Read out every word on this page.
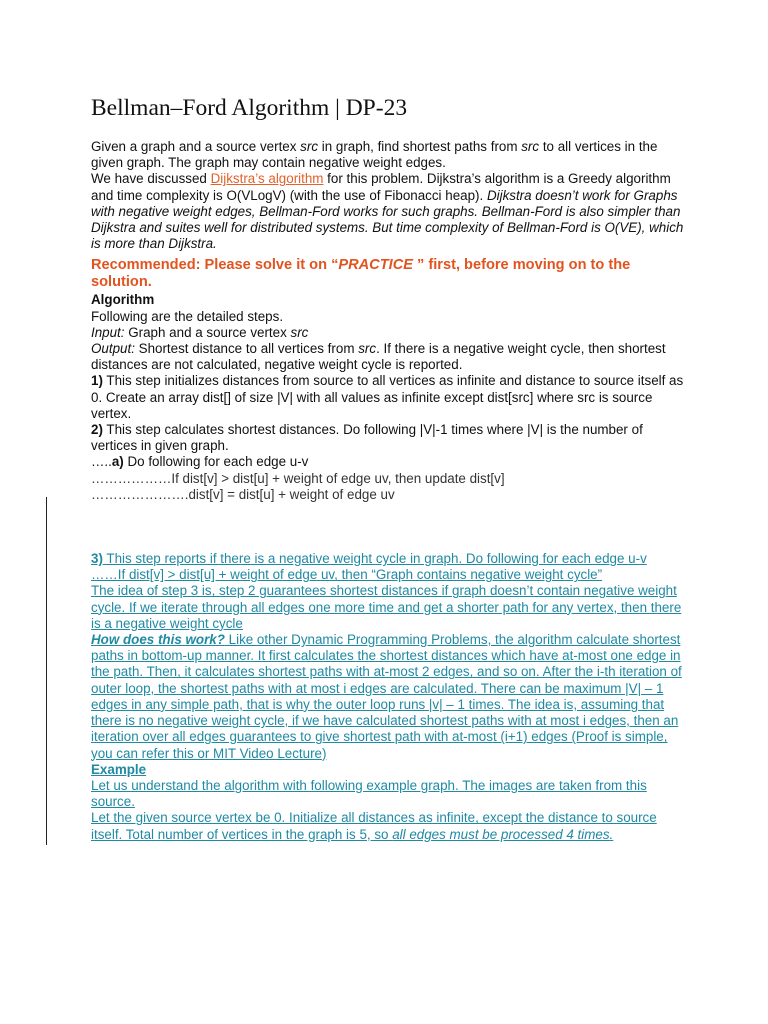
Bellman–Ford Algorithm | DP-23

Given a graph and a source vertex src in graph, find shortest paths from src to all vertices in the given graph. The graph may contain negative weight edges.

We have discussed Dijkstra’s algorithm for this problem. Dijkstra’s algorithm is a Greedy algorithm and time complexity is O(VLogV) (with the use of Fibonacci heap). Dijkstra doesn’t work for Graphs with negative weight edges, Bellman-Ford works for such graphs. Bellman-Ford is also simpler than Dijkstra and suites well for distributed systems. But time complexity of Bellman-Ford is O(VE), which is more than Dijkstra.

Recommended: Please solve it on “PRACTICE ” first, before moving on to the solution.

Algorithm

Following are the detailed steps.

Input: Graph and a source vertex src

Output: Shortest distance to all vertices from src. If there is a negative weight cycle, then shortest distances are not calculated, negative weight cycle is reported.

1) This step initializes distances from source to all vertices as infinite and distance to source itself as 0. Create an array dist[] of size |V| with all values as infinite except dist[src] where src is source vertex.

2) This step calculates shortest distances. Do following |V|-1 times where |V| is the number of vertices in given graph.

…..a) Do following for each edge u-v

………………If dist[v] > dist[u] + weight of edge uv, then update dist[v]

………………….dist[v] = dist[u] + weight of edge uv

3) This step reports if there is a negative weight cycle in graph. Do following for each edge u-v

……If dist[v] > dist[u] + weight of edge uv, then “Graph contains negative weight cycle”

The idea of step 3 is, step 2 guarantees shortest distances if graph doesn’t contain negative weight cycle. If we iterate through all edges one more time and get a shorter path for any vertex, then there is a negative weight cycle

How does this work? Like other Dynamic Programming Problems, the algorithm calculate shortest paths in bottom-up manner. It first calculates the shortest distances which have at-most one edge in the path. Then, it calculates shortest paths with at-most 2 edges, and so on. After the i-th iteration of outer loop, the shortest paths with at most i edges are calculated. There can be maximum |V| – 1 edges in any simple path, that is why the outer loop runs |v| – 1 times. The idea is, assuming that there is no negative weight cycle, if we have calculated shortest paths with at most i edges, then an iteration over all edges guarantees to give shortest path with at-most (i+1) edges (Proof is simple, you can refer this or MIT Video Lecture)

Example

Let us understand the algorithm with following example graph. The images are taken from this source.

Let the given source vertex be 0. Initialize all distances as infinite, except the distance to source itself. Total number of vertices in the graph is 5, so all edges must be processed 4 times.
